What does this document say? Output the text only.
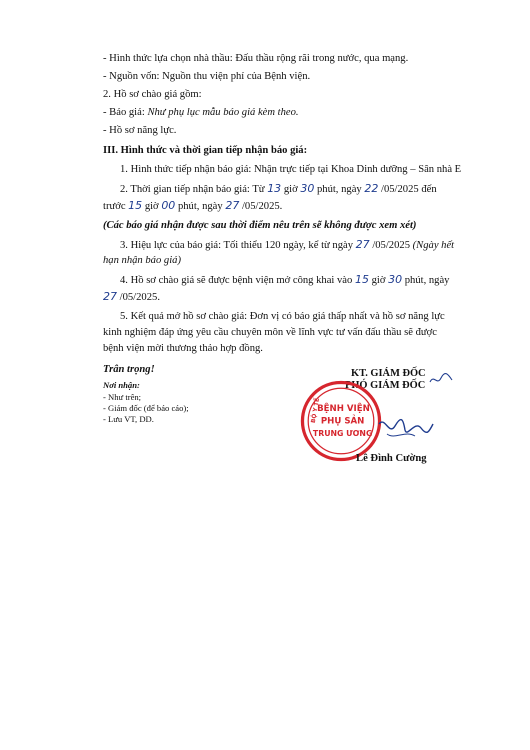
- Hình thức lựa chọn nhà thầu: Đấu thầu rộng rãi trong nước, qua mạng.
- Nguồn vốn: Nguồn thu viện phí của Bệnh viện.
2. Hồ sơ chào giá gồm:
- Báo giá: Như phụ lục mẫu báo giá kèm theo.
- Hồ sơ năng lực.
III. Hình thức và thời gian tiếp nhận báo giá:
1. Hình thức tiếp nhận báo giá: Nhận trực tiếp tại Khoa Dinh dưỡng – Sân nhà E
2. Thời gian tiếp nhận báo giá: Từ 13 giờ 30 phút, ngày 22 /05/2025 đến
trước 15 giờ 00 phút, ngày 27 /05/2025.
(Các báo giá nhận được sau thời điểm nêu trên sẽ không được xem xét)
3. Hiệu lực của báo giá: Tối thiểu 120 ngày, kể từ ngày 27 /05/2025 (Ngày hết
hạn nhận báo giá)
4. Hồ sơ chào giá sẽ được bệnh viện mở công khai vào 15 giờ 30 phút, ngày
27 /05/2025.
5. Kết quả mở hồ sơ chào giá: Đơn vị có báo giá thấp nhất và hồ sơ năng lực
kinh nghiệm đáp ứng yêu cầu chuyên môn về lĩnh vực tư vấn đấu thầu sẽ được
bệnh viện mời thương thảo hợp đồng.
Trân trọng!
Nơi nhận:
- Như trên;
- Giám đốc (để báo cáo);
- Lưu VT, DD.
KT. GIÁM ĐỐC
PHÓ GIÁM ĐỐC
BỘ Y TẾ
BỆNH VIỆN
PHỤ SẢN
TRUNG ƯƠNG
Lê Đình Cường
